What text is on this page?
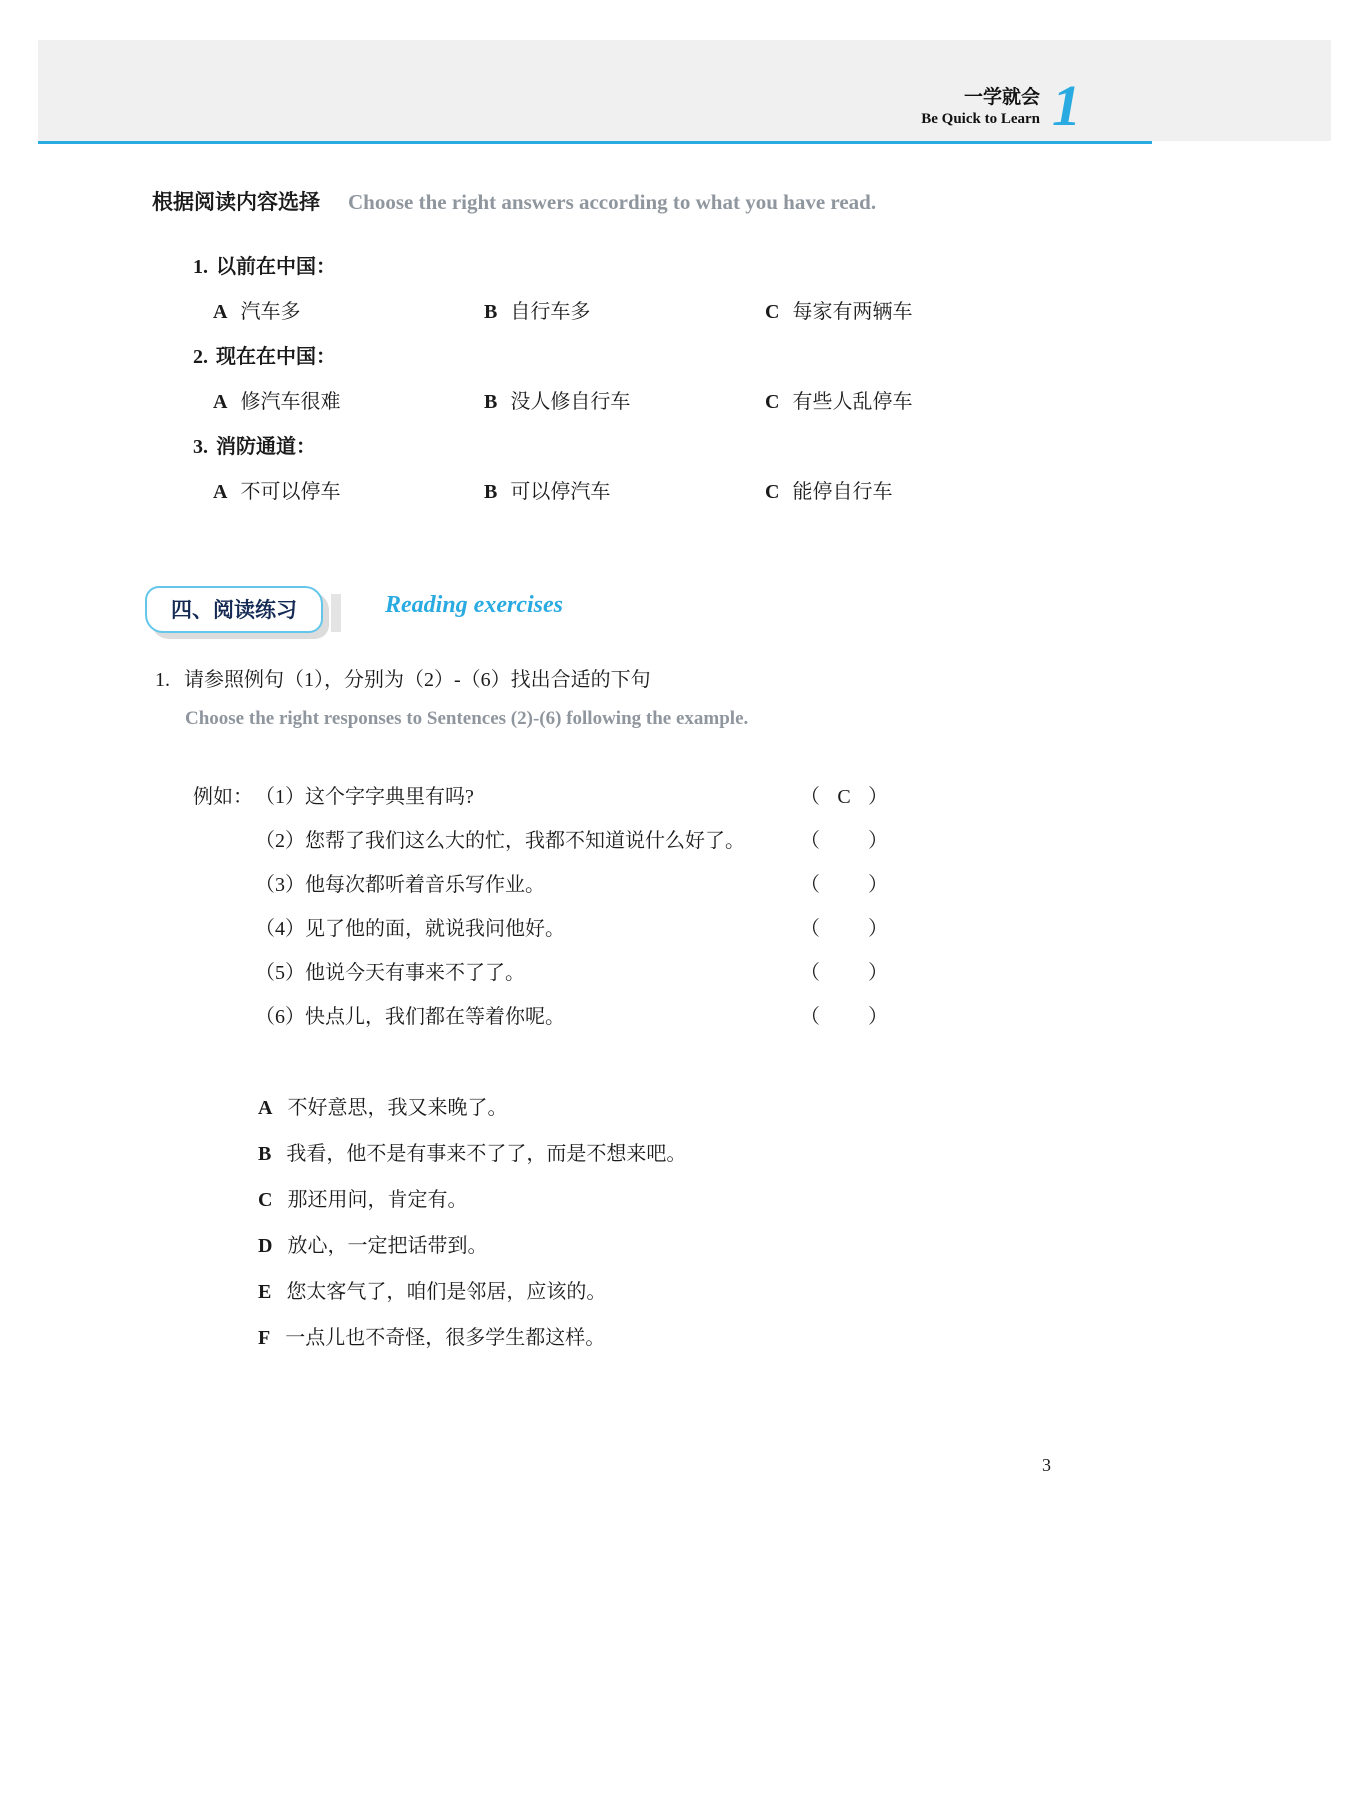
一学就会
Be Quick to Learn 1
根据阅读内容选择 Choose the right answers according to what you have read.
1. 以前在中国：
A 汽车多	B 自行车多	C 每家有两辆车
2. 现在在中国：
A 修汽车很难	B 没人修自行车	C 有些人乱停车
3. 消防通道：
A 不可以停车	B 可以停汽车	C 能停自行车
四、阅读练习	Reading exercises
1. 请参照例句（1），分别为（2）-（6）找出合适的下句
Choose the right responses to Sentences (2)-(6) following the example.
例如： （1）这个字字典里有吗?	（ C ）
（2）您帮了我们这么大的忙，我都不知道说什么好了。	（ ）
（3）他每次都听着音乐写作业。	（ ）
（4）见了他的面，就说我问他好。	（ ）
（5）他说今天有事来不了了。	（ ）
（6）快点儿，我们都在等着你呢。	（ ）
A 不好意思，我又来晚了。
B 我看，他不是有事来不了了，而是不想来吧。
C 那还用问，肯定有。
D 放心，一定把话带到。
E 您太客气了，咱们是邻居，应该的。
F 一点儿也不奇怪，很多学生都这样。
3
